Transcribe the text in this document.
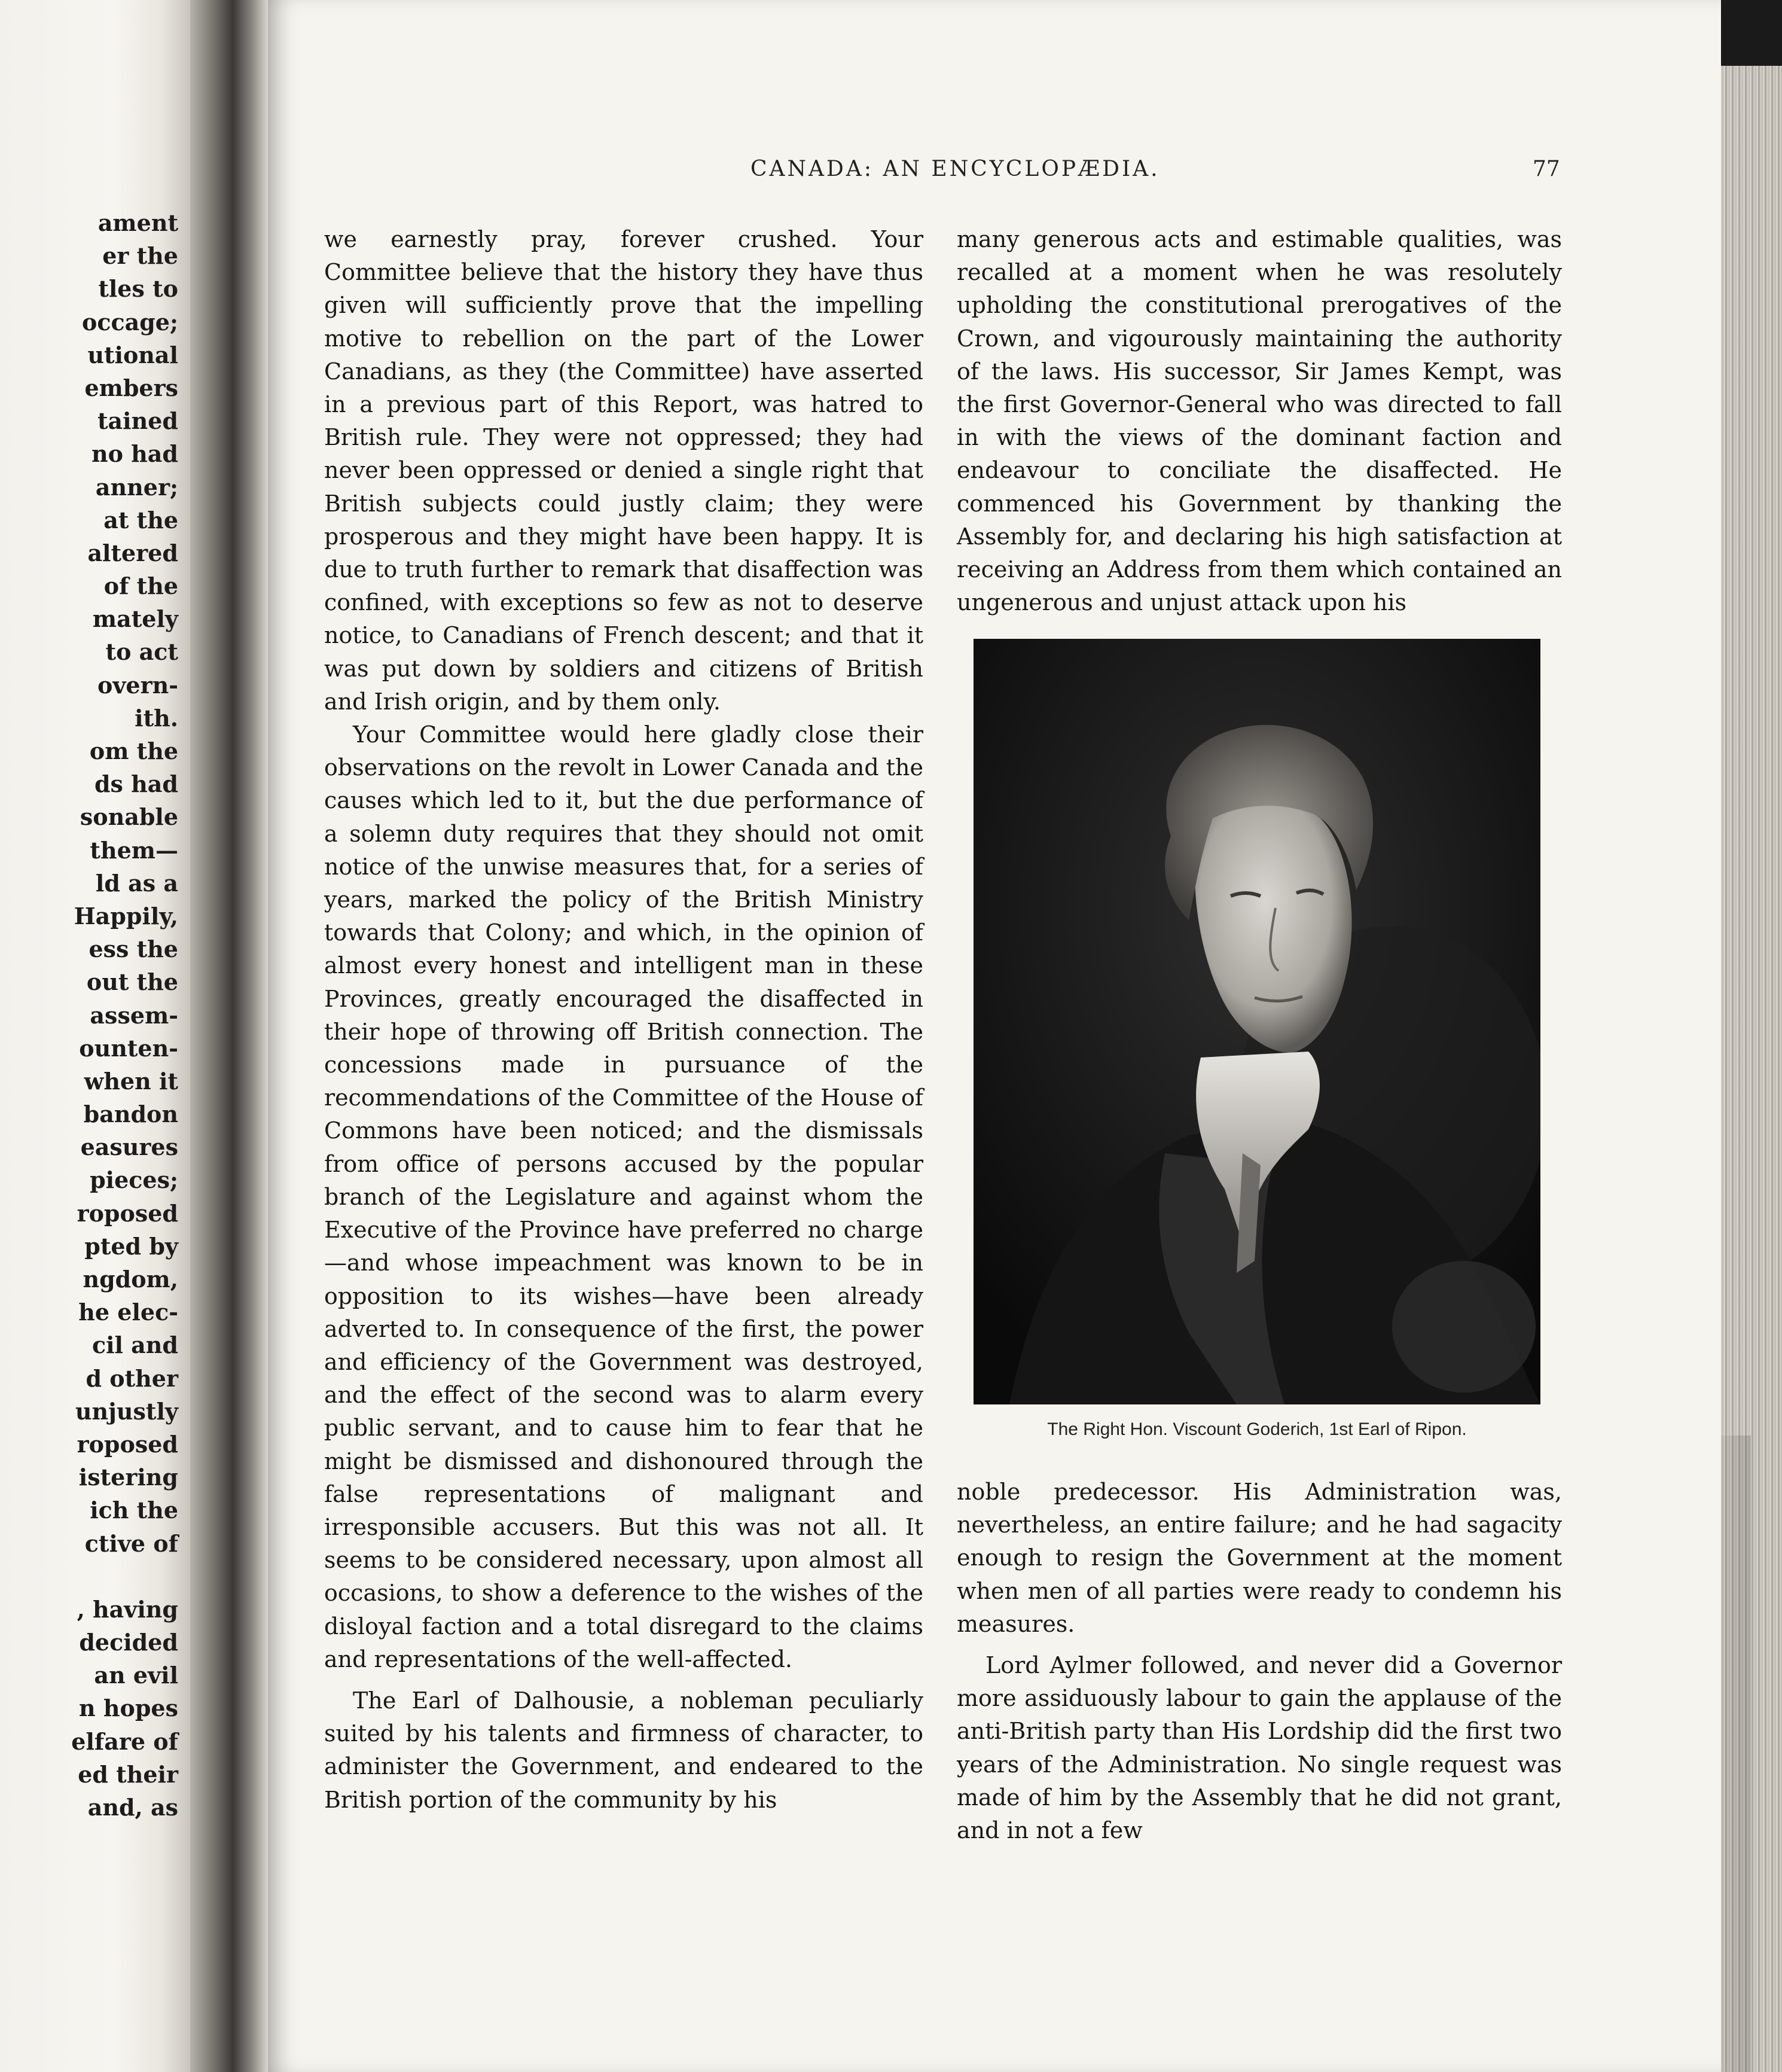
ament
er the
tles to
occage;
utional
embers
tained
no had
anner;
at the
altered
of the
mately
to act
overn-
ith.
om the
ds had
sonable
them—
ld as a
Happily,
ess the
out the
assem-
ounten-
when it
bandon
easures
pieces;
roposed
pted by
ngdom,
he elec-
cil and
d other
unjustly
roposed
istering
ich the
ctive of
, having
decided
an evil
n hopes
elfare of
ed their
and, as
CANADA: AN ENCYCLOPÆDIA.	77

we earnestly pray, forever crushed. Your Committee believe that the history they have thus given will sufficiently prove that the impelling motive to rebellion on the part of the Lower Canadians, as they (the Committee) have asserted in a previous part of this Report, was hatred to British rule. They were not oppressed; they had never been oppressed or denied a single right that British subjects could justly claim; they were prosperous and they might have been happy. It is due to truth further to remark that disaffection was confined, with exceptions so few as not to deserve notice, to Canadians of French descent; and that it was put down by soldiers and citizens of British and Irish origin, and by them only.

Your Committee would here gladly close their observations on the revolt in Lower Canada and the causes which led to it, but the due performance of a solemn duty requires that they should not omit notice of the unwise measures that, for a series of years, marked the policy of the British Ministry towards that Colony; and which, in the opinion of almost every honest and intelligent man in these Provinces, greatly encouraged the disaffected in their hope of throwing off British connection. The concessions made in pursuance of the recommendations of the Committee of the House of Commons have been noticed; and the dismissals from office of persons accused by the popular branch of the Legislature and against whom the Executive of the Province have preferred no charge—and whose impeachment was known to be in opposition to its wishes—have been already adverted to. In consequence of the first, the power and efficiency of the Government was destroyed, and the effect of the second was to alarm every public servant, and to cause him to fear that he might be dismissed and dishonoured through the false representations of malignant and irresponsible accusers. But this was not all. It seems to be considered necessary, upon almost all occasions, to show a deference to the wishes of the disloyal faction and a total disregard to the claims and representations of the well-affected.

The Earl of Dalhousie, a nobleman peculiarly suited by his talents and firmness of character, to administer the Government, and endeared to the British portion of the community by his

many generous acts and estimable qualities, was recalled at a moment when he was resolutely upholding the constitutional prerogatives of the Crown, and vigourously maintaining the authority of the laws. His successor, Sir James Kempt, was the first Governor-General who was directed to fall in with the views of the dominant faction and endeavour to conciliate the disaffected. He commenced his Government by thanking the Assembly for, and declaring his high satisfaction at receiving an Address from them which contained an ungenerous and unjust attack upon his

The Right Hon. Viscount Goderich, 1st Earl of Ripon.

noble predecessor. His Administration was, nevertheless, an entire failure; and he had sagacity enough to resign the Government at the moment when men of all parties were ready to condemn his measures.

Lord Aylmer followed, and never did a Governor more assiduously labour to gain the applause of the anti-British party than His Lordship did the first two years of the Administration. No single request was made of him by the Assembly that he did not grant, and in not a few
